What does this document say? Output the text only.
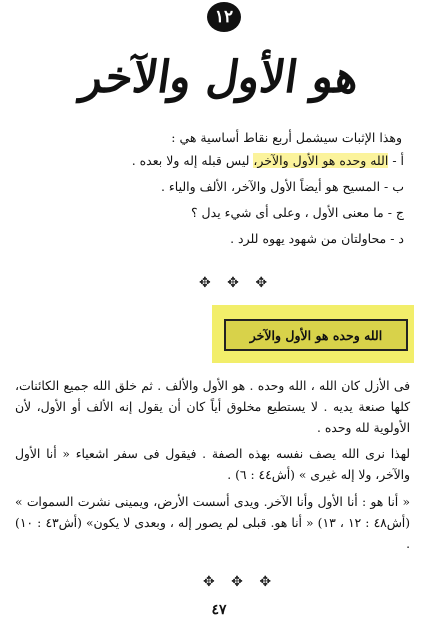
١٢
هو الأول والآخر
وهذا الإثبات سيشمل أربع نقاط أساسية هي :
أ - الله وحده هو الأول والآخر، ليس قبله إله ولا بعده .
ب - المسيح هو أيضاً الأول والآخر، الألف والياء .
ج - ما معنى الأول ، وعلى أى شيء يدل ؟
د - محاولتان من شهود يهوه للرد .
✥ ✥ ✥
الله وحده هو الأول والآخر
فى الأزل كان الله ، الله وحده . هو الأول والألف . ثم خلق الله جميع الكائنات، كلها صنعة يديه . لا يستطيع مخلوق أياً كان أن يقول إنه الألف أو الأول، لأن الأولوية لله وحده .
لهذا نرى الله يصف نفسه بهذه الصفة . فيقول فى سفر اشعياء « أنا الأول والآخر، ولا إله غيرى » (أش٤٤ : ٦) .
« أنا هو : أنا الأول وأنا الآخر. ويدى أسست الأرض، ويمينى نشرت السموات » (أش٤٨ : ١٢ ، ١٣) « أنا هو. قبلى لم يصور إله ، وبعدى لا يكون» (أش٤٣ : ١٠) .
✥ ✥ ✥
٤٧
